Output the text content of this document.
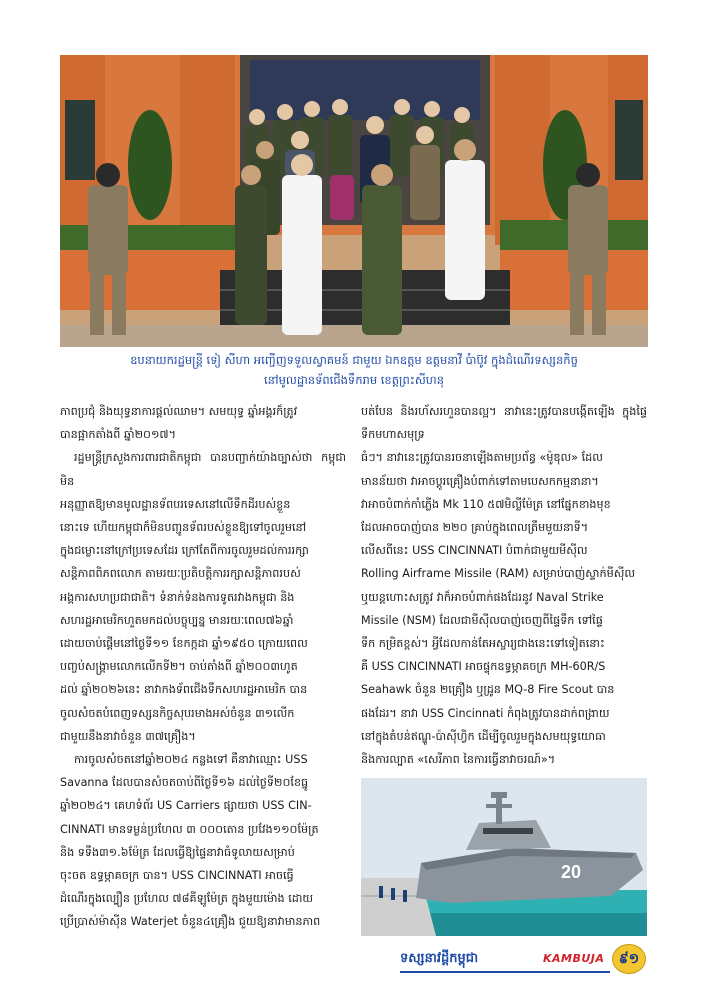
ឧបនាយករដ្ឋមន្ត្រី ទៀ សីហា អញ្ជើញទទួលស្វាគមន៍ ជាមួយ ឯកឧត្តម ឧត្តមនាវី បំាប៊ូវ ក្នុងដំណើរទស្សនកិច្ច
នៅមូលដ្ឋានទ័ពជើងទឹករាម ខេត្តព្រះសីហនុ

ភាពប្រជុំ និងយុទ្ធនាការផ្តល់ឈាម។ សមយុទ្ធ ឆ្នាំអង្គរក៏ត្រូវ

បានផ្អាកតាំងពី ឆ្នាំ២០១៧។

រដ្ឋមន្ត្រីក្រសួងការពារជាតិកម្ពុជា បានបញ្ជាក់យ៉ាងច្បាស់ថា កម្ពុជាមិន

អនុញ្ញាតឱ្យមានមូលដ្ឋានទ័ពបរទេសនៅលើទឹកដីរបស់ខ្លួន

នោះទេ ហើយកម្ពុជាក៏មិនបញ្ជូនទ័ពរបស់ខ្លួនឱ្យទៅចូលរួមនៅ

ក្នុងជម្លោះនៅក្រៅប្រទេសដែរ ក្រៅតែពីការចូលរួមដល់ការរក្សា

សន្តិភាពពិភពលោក តាមរយៈប្រតិបត្តិការរក្សាសន្តិភាពរបស់

អង្គការសហប្រជាជាតិ។ ទំនាក់ទំនងការទូតរវាងកម្ពុជា និង

សហរដ្ឋអាមេរិកហួតមកដល់បច្ចុប្បន្ន មានរយៈពេល៧៦ឆ្នាំ

ដោយចាប់ផ្តើមនៅថ្ងៃទី១១ ខែកក្កដា ឆ្នាំ១៩៥០ ក្រោយពេល

បញ្ចប់សង្គ្រាមលោកលើកទី២។ ចាប់តាំងពី ឆ្នាំ២០០៣ហូត

ដល់ ឆ្នាំ២០២៦នេះ នាវាកងទ័ពជើងទឹកសហរដ្ឋអាមេរិក បាន

ចូលសំចតបំពេញទស្សនកិច្ចសុបរមាងអស់ចំនួន ៣១លើក

ជាមួយនឹងនាវាចំនួន ៣៧គ្រឿង។

ការចូលសំចតនៅឆ្នាំ២០២៤ កន្លងទៅ គឺនាវាឈ្មោះ USS

Savanna ដែលបានសំចតចាប់ពីថ្ងៃទី១៦ ដល់ថ្ងៃទី២០ខែធ្នូ

ឆ្នាំ២០២៤។ គេហទំព័រ US Carriers ផ្សាយថា USS CIN-

CINNATI មានទម្ងន់ប្រហែល ៣ ០០០តោន ប្រវែង១១០ម៉ែត្រ

និង ទទឹង៣១.៦ម៉ែត្រ ដែលធ្វើឱ្យផ្ទៃនាវាធំទូលាយសម្រាប់

ចុះចត ឧទ្ធម្ភាគចក្រ បាន។ USS CINCINNATI អាចធ្វើ

ដំណើរក្នុងល្បឿន ប្រហែល ៧៨គីឡូម៉ែត្រ ក្នុងមួយម៉ោង ដោយ

ប្រើប្រាស់ម៉ាស៊ីន Waterjet ចំនួន៤គ្រឿង ជួយឱ្យនាវាមានភាព

បត់បែន និងរហ័សរហួនបានល្អ។ នាវានេះត្រូវបានបង្កើតឡើង ក្នុងផ្ទៃទឹកមហាសមុទ្រ

ធំៗ។ នាវានេះត្រូវបានរចនាឡើងតាមប្រព័ន្ធ «ម៉ូឌុល» ដែល

មានន័យថា វាអាចប្តូរគ្រឿងបំពាក់ទៅតាមបេសកកម្មនានា។

វាអាចបំពាក់កាំភ្លើង Mk 110 ៥៧មិល្លីម៉ែត្រ នៅផ្នែកខាងមុខ

ដែលអាចបាញ់បាន ២២០ គ្រាប់ក្នុងពេលត្រឹមមួយនាទី។

លើសពីនេះ USS CINCINNATI បំពាក់ជាមួយមីស៊ីល

Rolling Airframe Missile (RAM) សម្រាប់បាញ់ស្ទាក់មីស៊ីល

ឬយន្តហោះសត្រូវ វាក៏អាចបំពាក់ផងដែរនូវ Naval Strike

Missile (NSM) ដែលជាមីស៊ីលបាញ់ចេញពីផ្ទៃទឹក ទៅផ្ទៃ

ទឹក កម្រិតខ្ពស់។ អ្វីដែលកាន់តែអស្ចារ្យជាងនេះទៅទៀតនោះ

គឺ USS CINCINNATI អាចផ្ទុកឧទ្ធម្ភាគចក្រ MH-60R/S

Seahawk ចំនួន ២គ្រឿង ឬដ្រូន MQ-8 Fire Scout បាន

ផងដែរ។ នាវា USS Cincinnati កំពុងត្រូវបានដាក់ពង្រាយ

នៅក្នុងតំបន់ឥណ្ឌូ-ប៉ាស៊ីហ្វិក ដើម្បីចូលរួមក្នុងសមយុទ្ធយោធា

និងការល្បាត «សេរីភាព នៃការធ្វើនាវាចរណ៍»។

20
ទស្សនាវដ្តីកម្ពុជា	KAMBUJA	៩១
